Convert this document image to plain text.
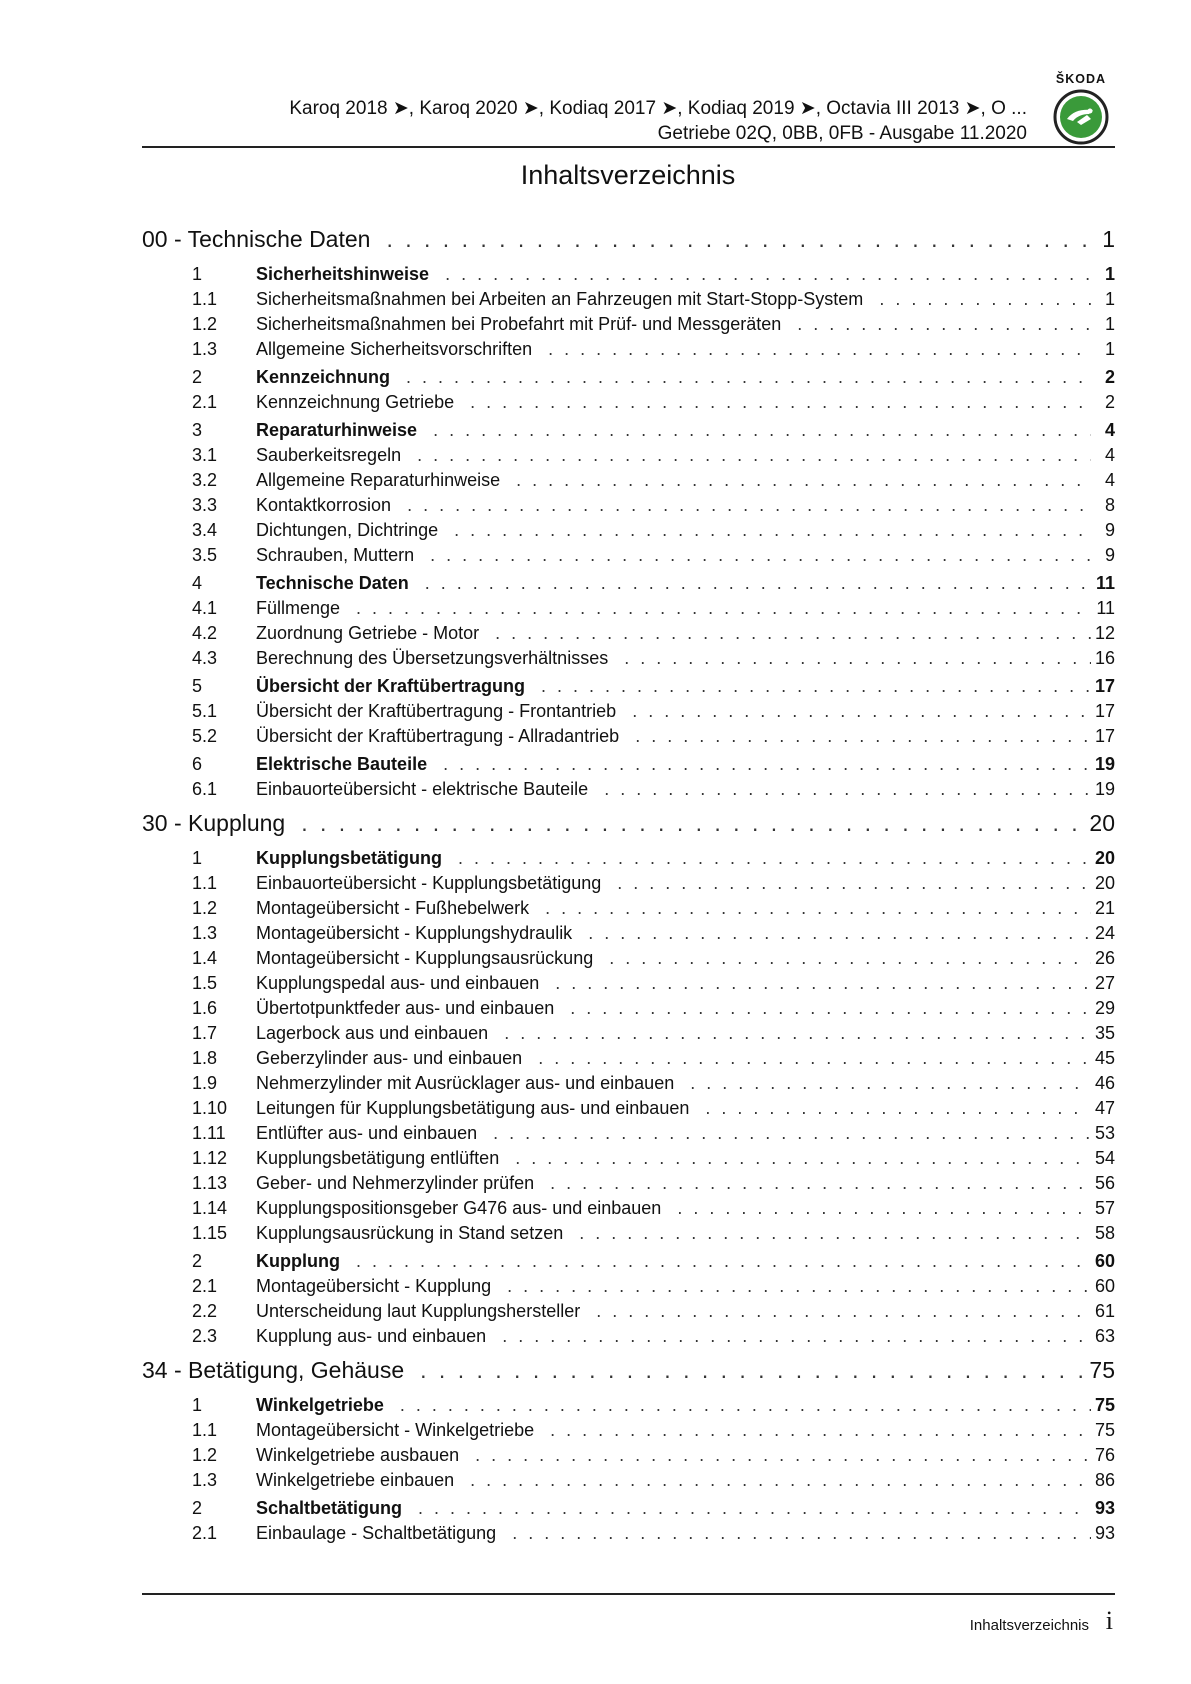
Karoq 2018 ➤, Karoq 2020 ➤, Kodiaq 2017 ➤, Kodiaq 2019 ➤, Octavia III 2013 ➤, O ...
Getriebe 02Q, 0BB, 0FB - Ausgabe 11.2020
ŠKODA
Inhaltsverzeichnis
00 - Technische Daten . . .	1
1	Sicherheitshinweise . . .	1
1.1	Sicherheitsmaßnahmen bei Arbeiten an Fahrzeugen mit Start-Stopp-System . . .	1
1.2	Sicherheitsmaßnahmen bei Probefahrt mit Prüf- und Messgeräten . . .	1
1.3	Allgemeine Sicherheitsvorschriften . . .	1
2	Kennzeichnung . . .	2
2.1	Kennzeichnung Getriebe . . .	2
3	Reparaturhinweise . . .	4
3.1	Sauberkeitsregeln . . .	4
3.2	Allgemeine Reparaturhinweise . . .	4
3.3	Kontaktkorrosion . . .	8
3.4	Dichtungen, Dichtringe . . .	9
3.5	Schrauben, Muttern . . .	9
4	Technische Daten . . .	11
4.1	Füllmenge . . .	11
4.2	Zuordnung Getriebe - Motor . . .	12
4.3	Berechnung des Übersetzungsverhältnisses . . .	16
5	Übersicht der Kraftübertragung . . .	17
5.1	Übersicht der Kraftübertragung - Frontantrieb . . .	17
5.2	Übersicht der Kraftübertragung - Allradantrieb . . .	17
6	Elektrische Bauteile . . .	19
6.1	Einbauorteübersicht - elektrische Bauteile . . .	19
30 - Kupplung . . .	20
1	Kupplungsbetätigung . . .	20
1.1	Einbauorteübersicht - Kupplungsbetätigung . . .	20
1.2	Montageübersicht - Fußhebelwerk . . .	21
1.3	Montageübersicht - Kupplungshydraulik . . .	24
1.4	Montageübersicht - Kupplungsausrückung . . .	26
1.5	Kupplungspedal aus- und einbauen . . .	27
1.6	Übertotpunktfeder aus- und einbauen . . .	29
1.7	Lagerbock aus und einbauen . . .	35
1.8	Geberzylinder aus- und einbauen . . .	45
1.9	Nehmerzylinder mit Ausrücklager aus- und einbauen . . .	46
1.10	Leitungen für Kupplungsbetätigung aus- und einbauen . . .	47
1.11	Entlüfter aus- und einbauen . . .	53
1.12	Kupplungsbetätigung entlüften . . .	54
1.13	Geber- und Nehmerzylinder prüfen . . .	56
1.14	Kupplungspositionsgeber G476 aus- und einbauen . . .	57
1.15	Kupplungsausrückung in Stand setzen . . .	58
2	Kupplung . . .	60
2.1	Montageübersicht - Kupplung . . .	60
2.2	Unterscheidung laut Kupplungshersteller . . .	61
2.3	Kupplung aus- und einbauen . . .	63
34 - Betätigung, Gehäuse . . .	75
1	Winkelgetriebe . . .	75
1.1	Montageübersicht - Winkelgetriebe . . .	75
1.2	Winkelgetriebe ausbauen . . .	76
1.3	Winkelgetriebe einbauen . . .	86
2	Schaltbetätigung . . .	93
2.1	Einbaulage - Schaltbetätigung . . .	93
Inhaltsverzeichnis i
